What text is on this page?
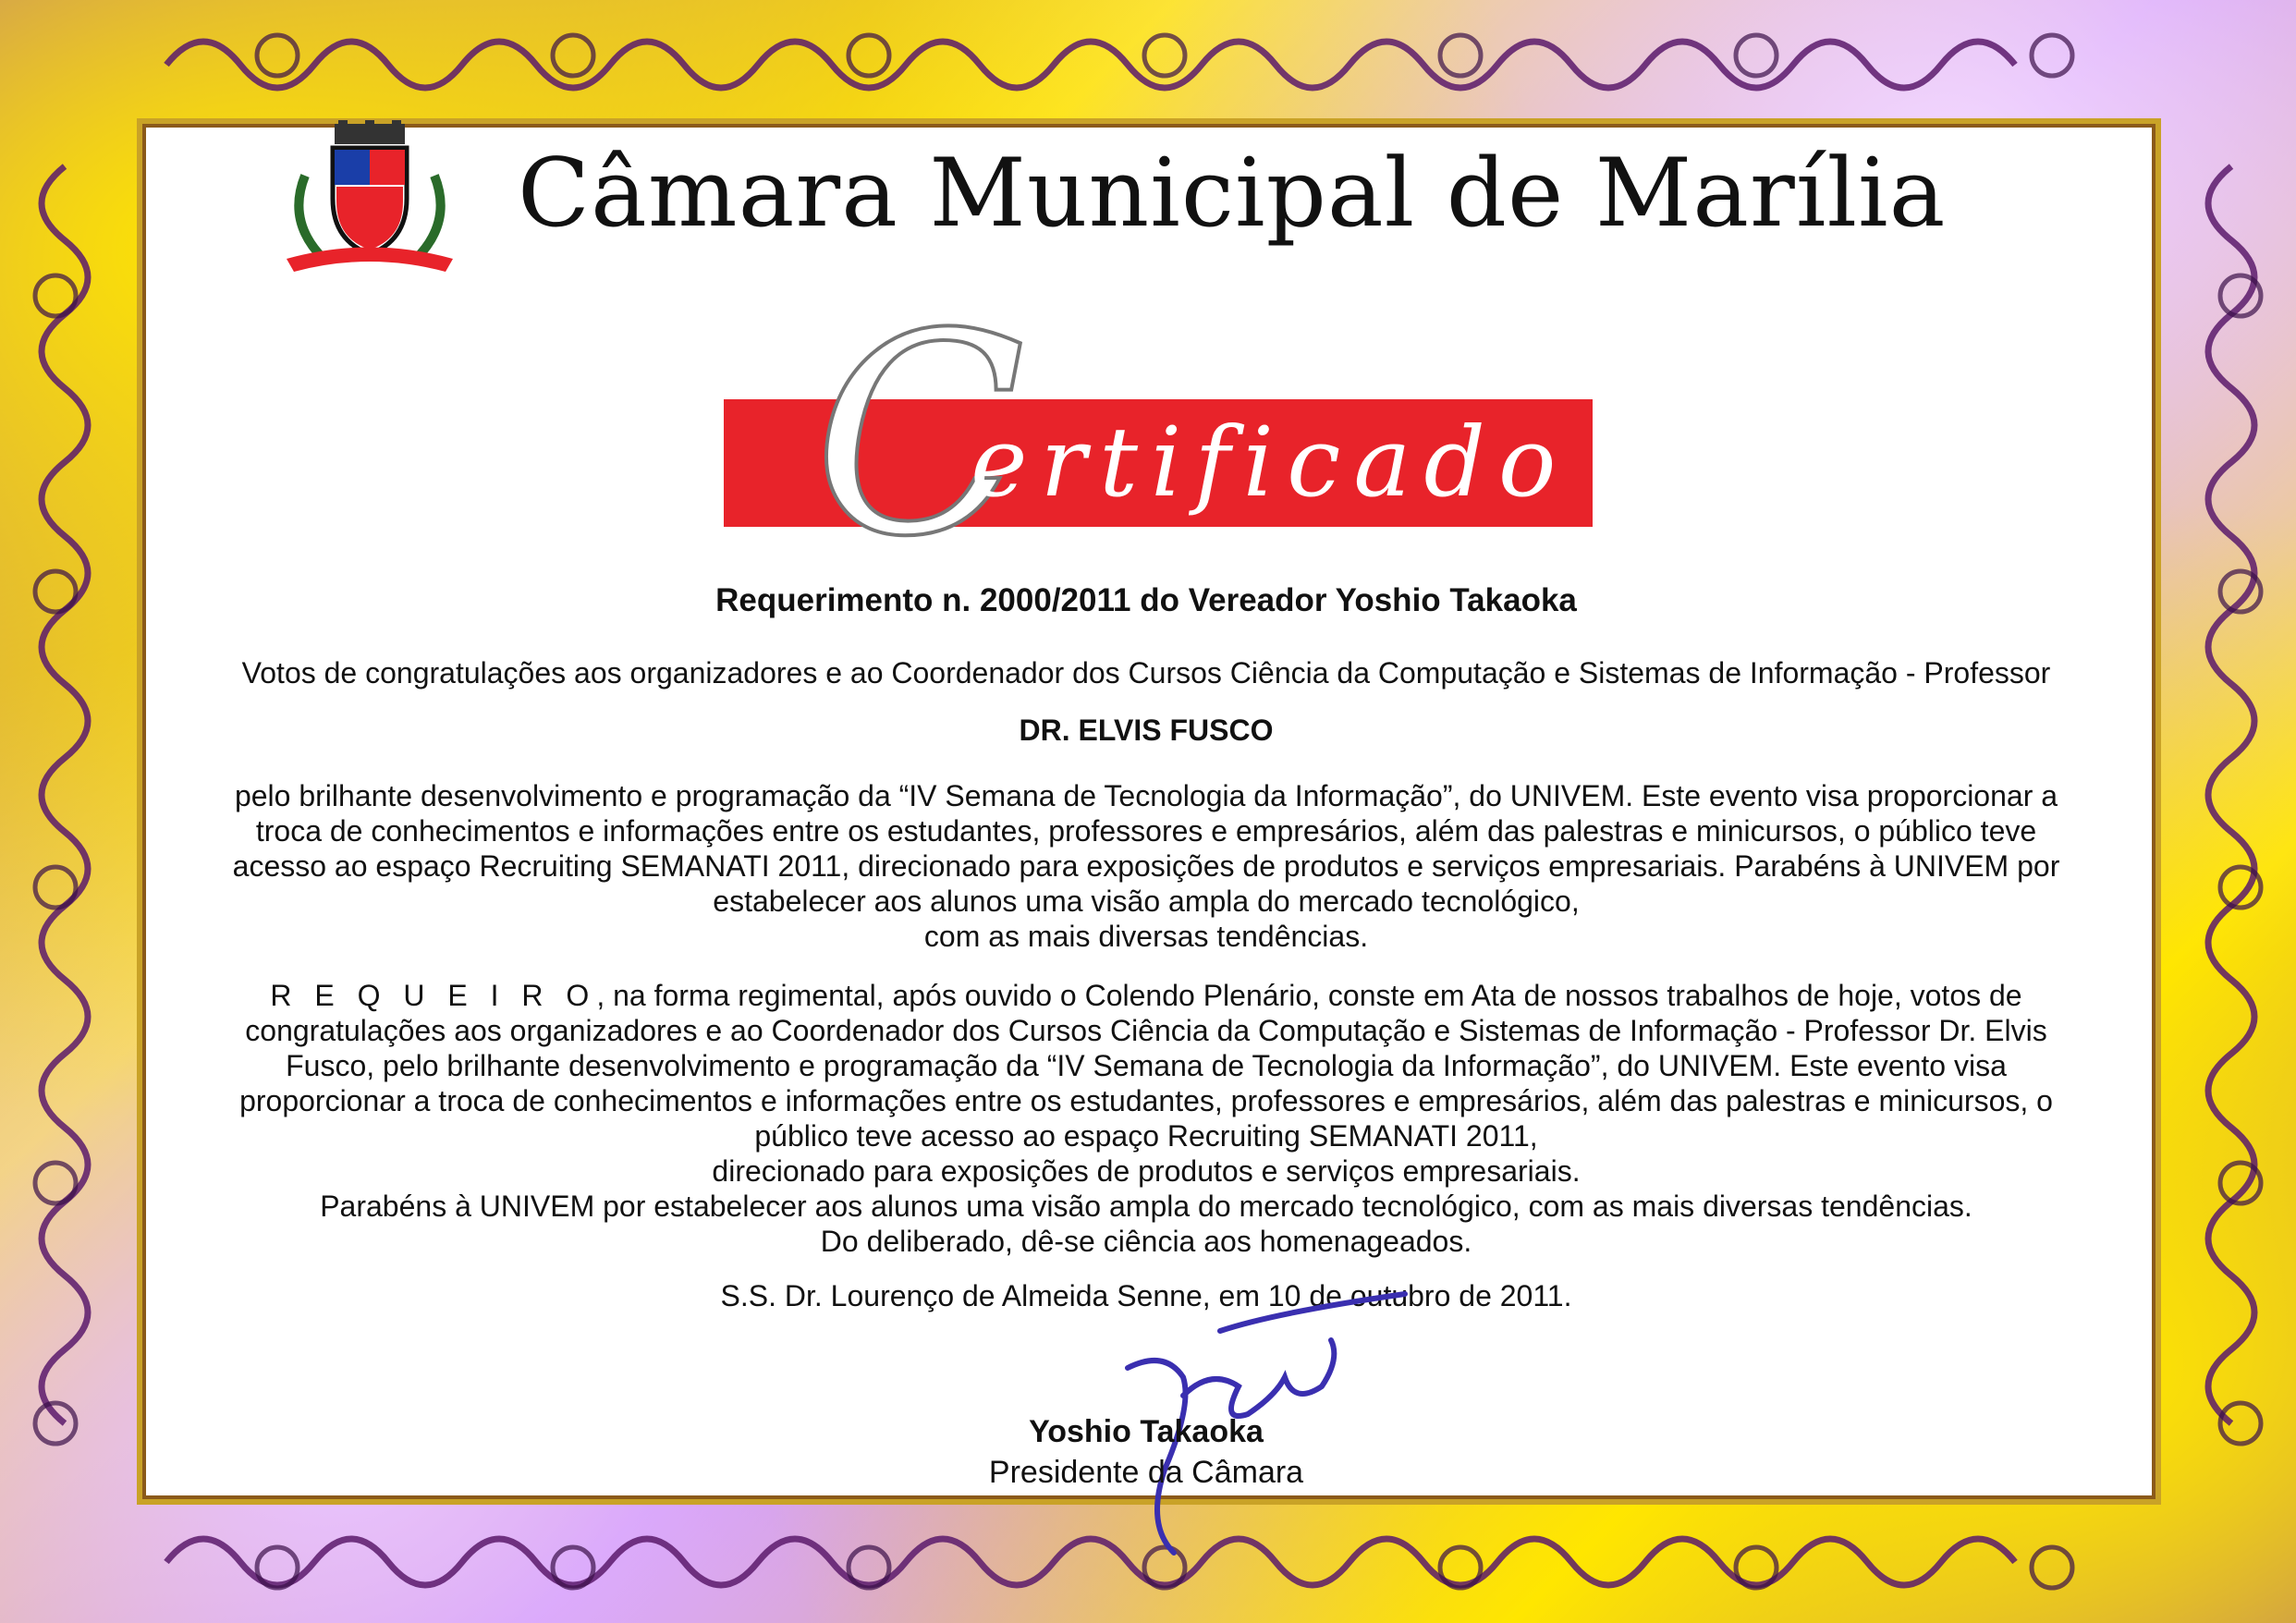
Câmara Municipal de Marília
C
ertificado
Requerimento n. 2000/2011 do Vereador Yoshio Takaoka
Votos de congratulações aos organizadores e ao Coordenador dos Cursos Ciência da Computação e Sistemas de Informação - Professor
DR. ELVIS FUSCO
pelo brilhante desenvolvimento e programação da “IV Semana de Tecnologia da Informação”, do UNIVEM. Este evento visa proporcionar a
troca de conhecimentos e informações entre os estudantes, professores e empresários, além das palestras e minicursos, o público teve
acesso ao espaço Recruiting SEMANATI 2011, direcionado para exposições de produtos e serviços empresariais. Parabéns à UNIVEM por
estabelecer aos alunos uma visão ampla do mercado tecnológico,
com as mais diversas tendências.
R E Q U E I R O, na forma regimental, após ouvido o Colendo Plenário, conste em Ata de nossos trabalhos de hoje, votos de
congratulações aos organizadores e ao Coordenador dos Cursos Ciência da Computação e Sistemas de Informação - Professor Dr. Elvis
Fusco, pelo brilhante desenvolvimento e programação da “IV Semana de Tecnologia da Informação”, do UNIVEM. Este evento visa
proporcionar a troca de conhecimentos e informações entre os estudantes, professores e empresários, além das palestras e minicursos, o
público teve acesso ao espaço Recruiting SEMANATI 2011,
direcionado para exposições de produtos e serviços empresariais.
Parabéns à UNIVEM por estabelecer aos alunos uma visão ampla do mercado tecnológico, com as mais diversas tendências.
Do deliberado, dê-se ciência aos homenageados.
S.S. Dr. Lourenço de Almeida Senne, em 10 de outubro de 2011.
Yoshio Takaoka
Presidente da Câmara
